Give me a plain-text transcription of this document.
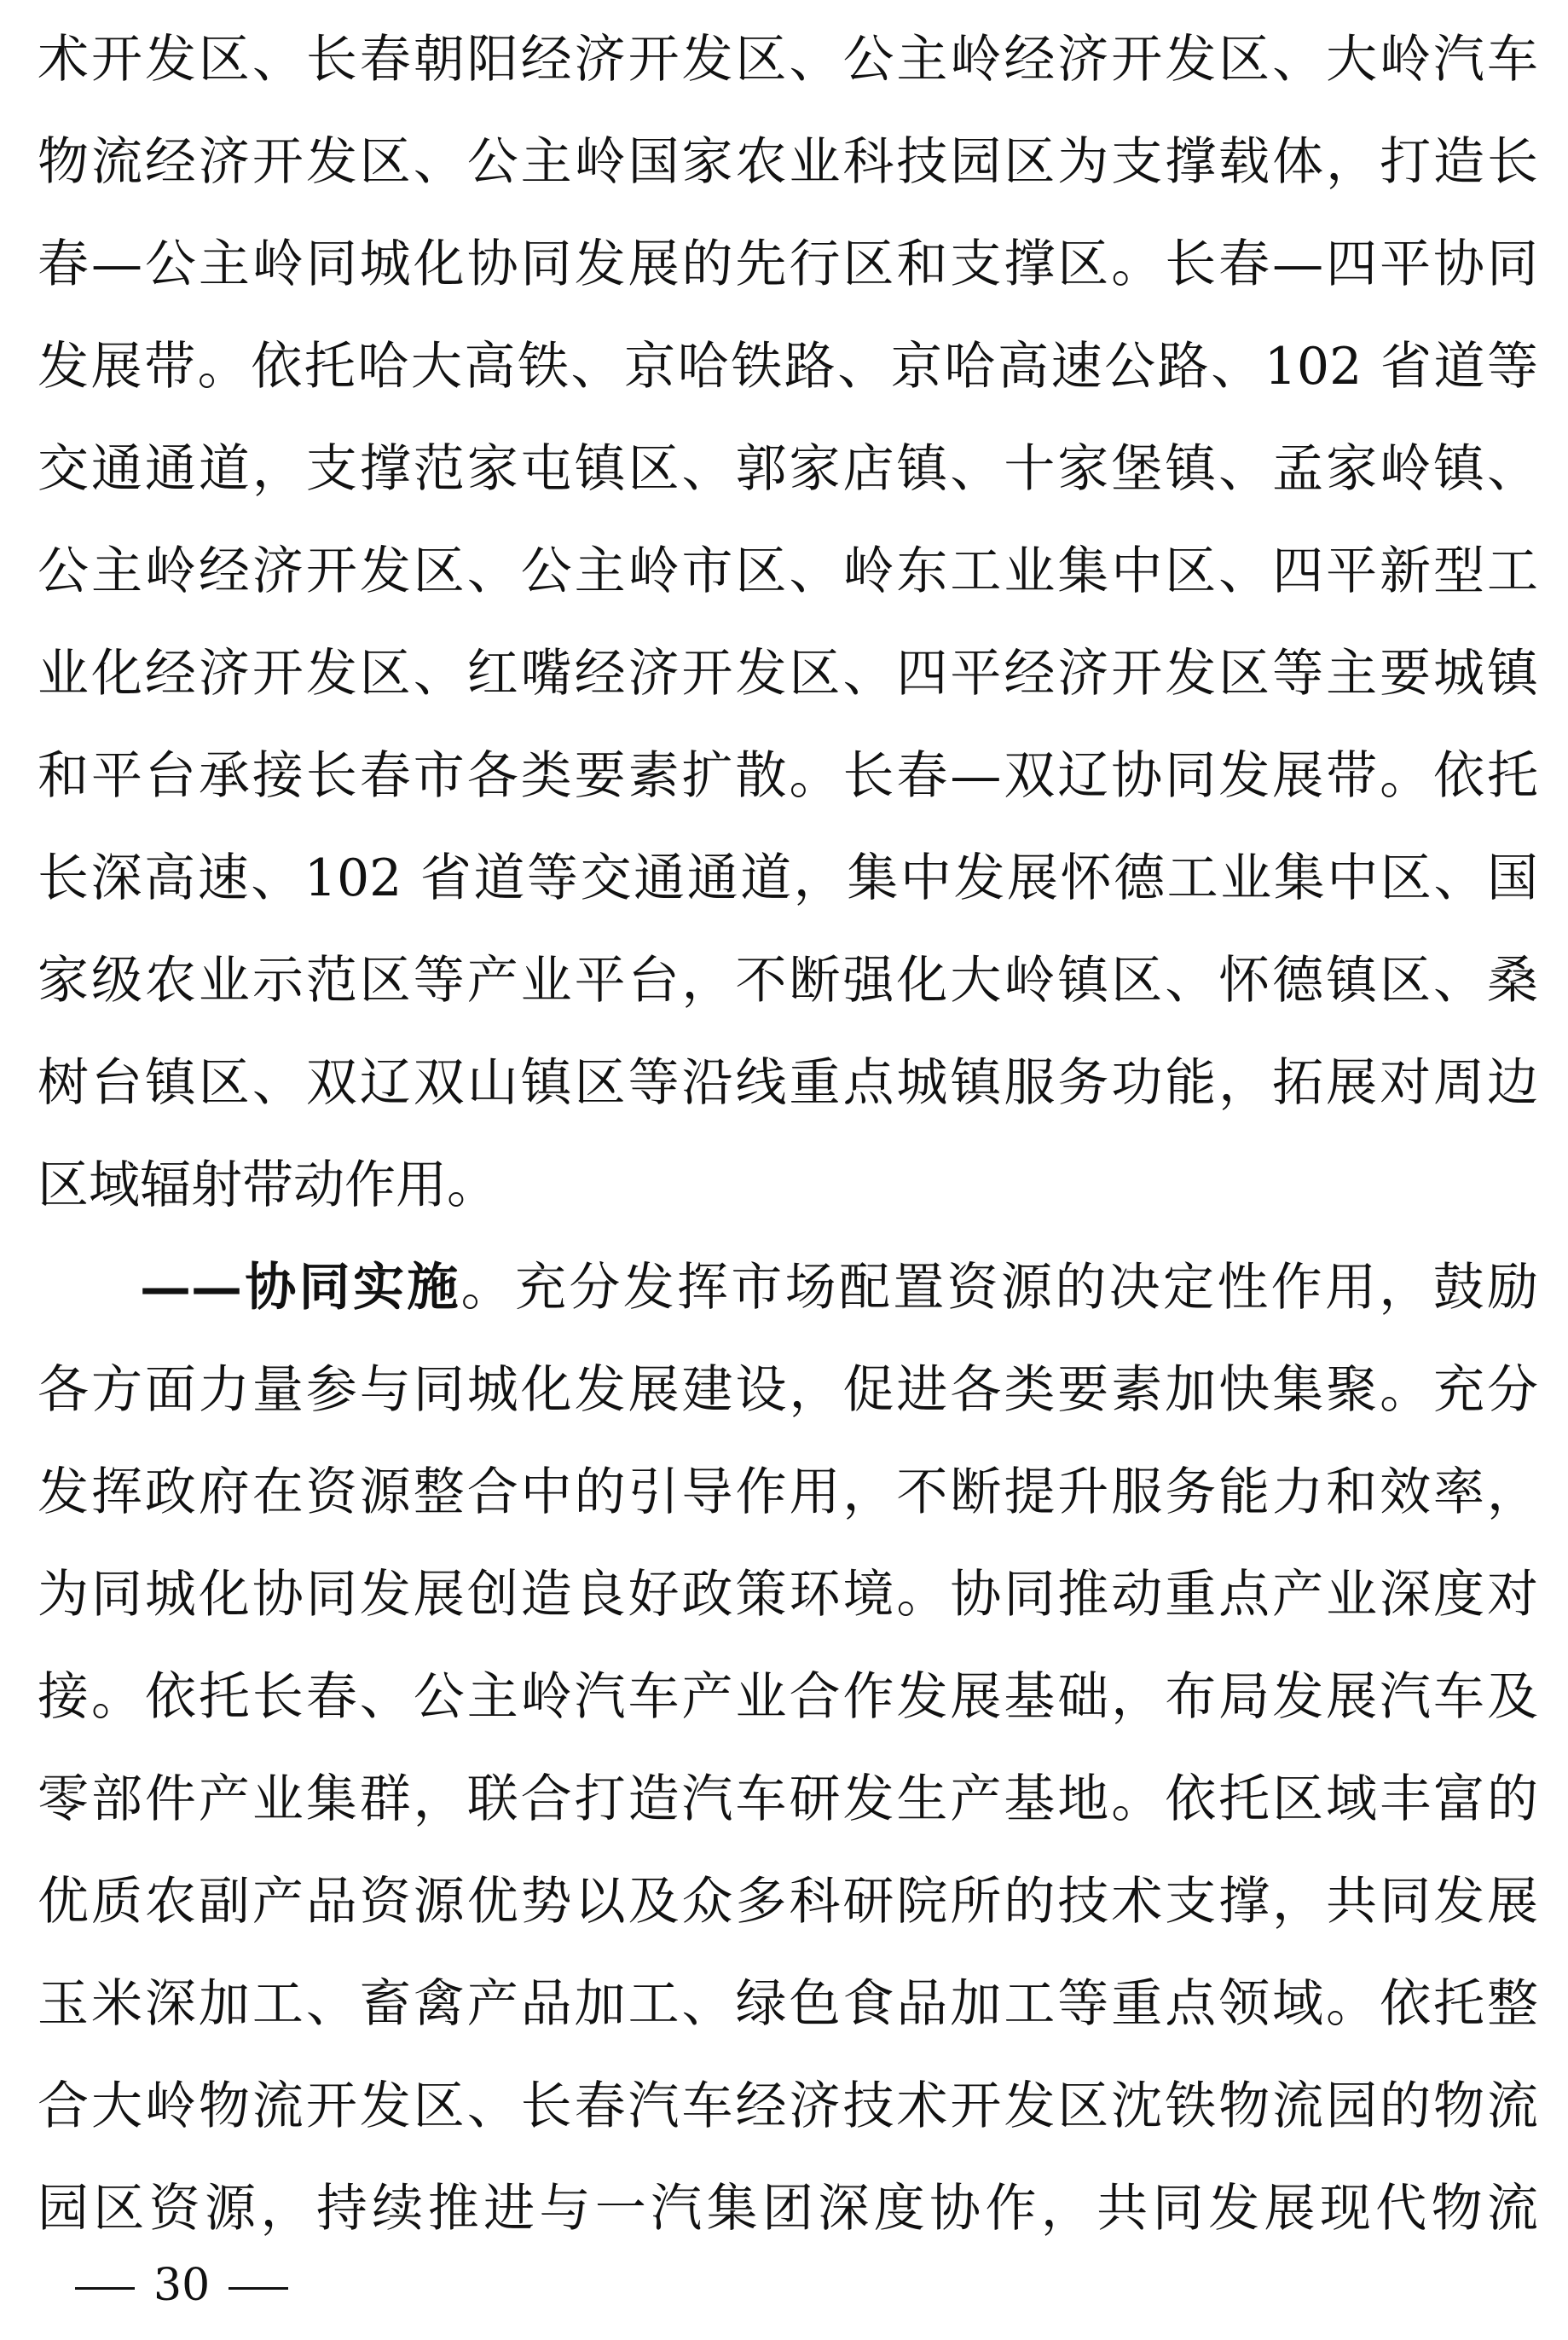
术开发区、长春朝阳经济开发区、公主岭经济开发区、大岭汽车
物流经济开发区、公主岭国家农业科技园区为支撑载体，打造长
春—公主岭同城化协同发展的先行区和支撑区。长春—四平协同
发展带。依托哈大高铁、京哈铁路、京哈高速公路、102 省道等
交通通道，支撑范家屯镇区、郭家店镇、十家堡镇、孟家岭镇、
公主岭经济开发区、公主岭市区、岭东工业集中区、四平新型工
业化经济开发区、红嘴经济开发区、四平经济开发区等主要城镇
和平台承接长春市各类要素扩散。长春—双辽协同发展带。依托
长深高速、102 省道等交通通道，集中发展怀德工业集中区、国
家级农业示范区等产业平台，不断强化大岭镇区、怀德镇区、桑
树台镇区、双辽双山镇区等沿线重点城镇服务功能，拓展对周边
区域辐射带动作用。
——协同实施。充分发挥市场配置资源的决定性作用，鼓励
各方面力量参与同城化发展建设，促进各类要素加快集聚。充分
发挥政府在资源整合中的引导作用，不断提升服务能力和效率，
为同城化协同发展创造良好政策环境。协同推动重点产业深度对
接。依托长春、公主岭汽车产业合作发展基础，布局发展汽车及
零部件产业集群，联合打造汽车研发生产基地。依托区域丰富的
优质农副产品资源优势以及众多科研院所的技术支撑，共同发展
玉米深加工、畜禽产品加工、绿色食品加工等重点领域。依托整
合大岭物流开发区、长春汽车经济技术开发区沈铁物流园的物流
园区资源，持续推进与一汽集团深度协作，共同发展现代物流
30
